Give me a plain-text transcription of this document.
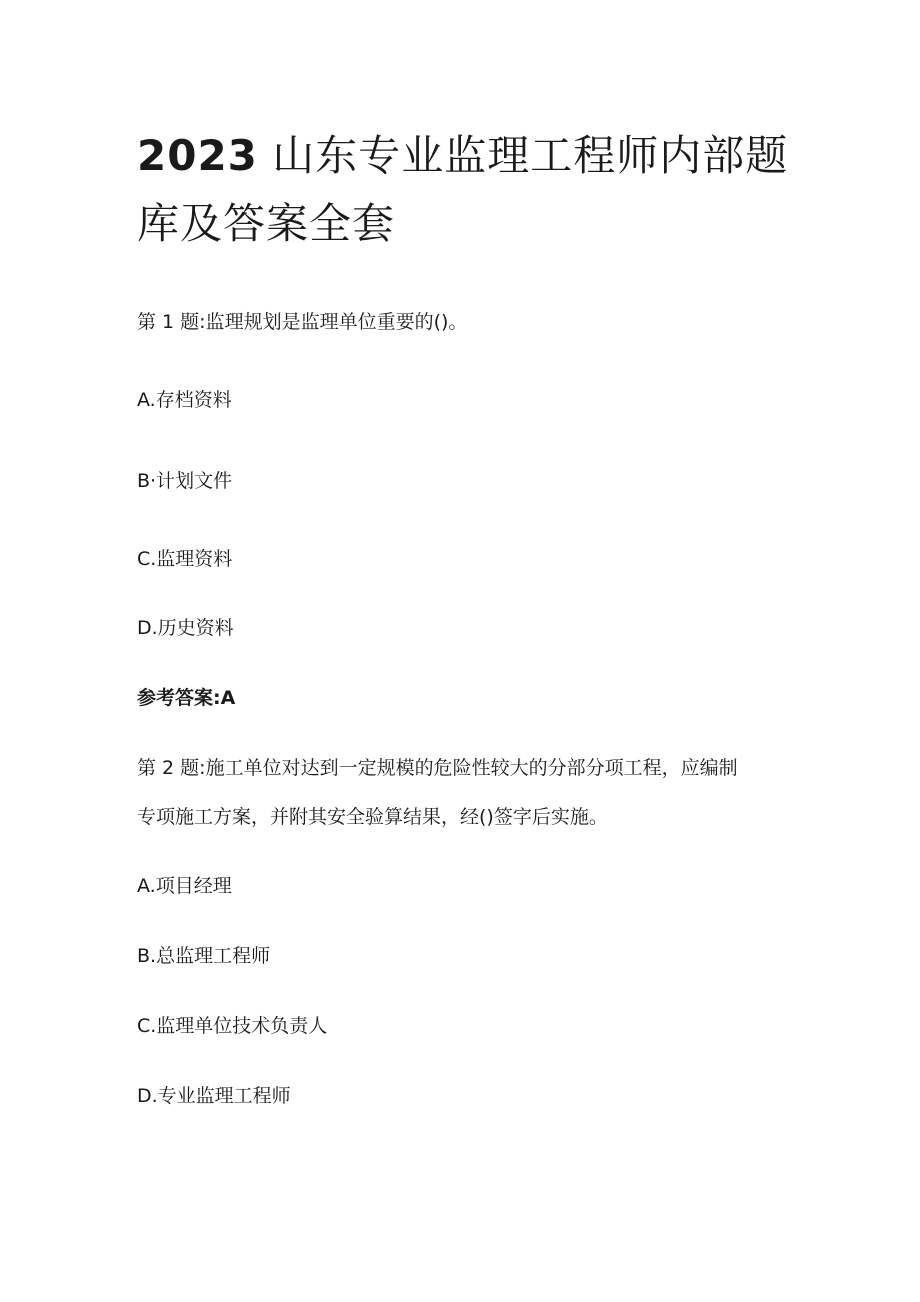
2023 山东专业监理工程师内部题库及答案全套
第 1 题:监理规划是监理单位重要的()。
A.存档资料
B·计划文件
C.监理资料
D.历史资料
参考答案:A
第 2 题:施工单位对达到一定规模的危险性较大的分部分项工程，应编制
专项施工方案，并附其安全验算结果，经()签字后实施。
A.项目经理
B.总监理工程师
C.监理单位技术负责人
D.专业监理工程师
